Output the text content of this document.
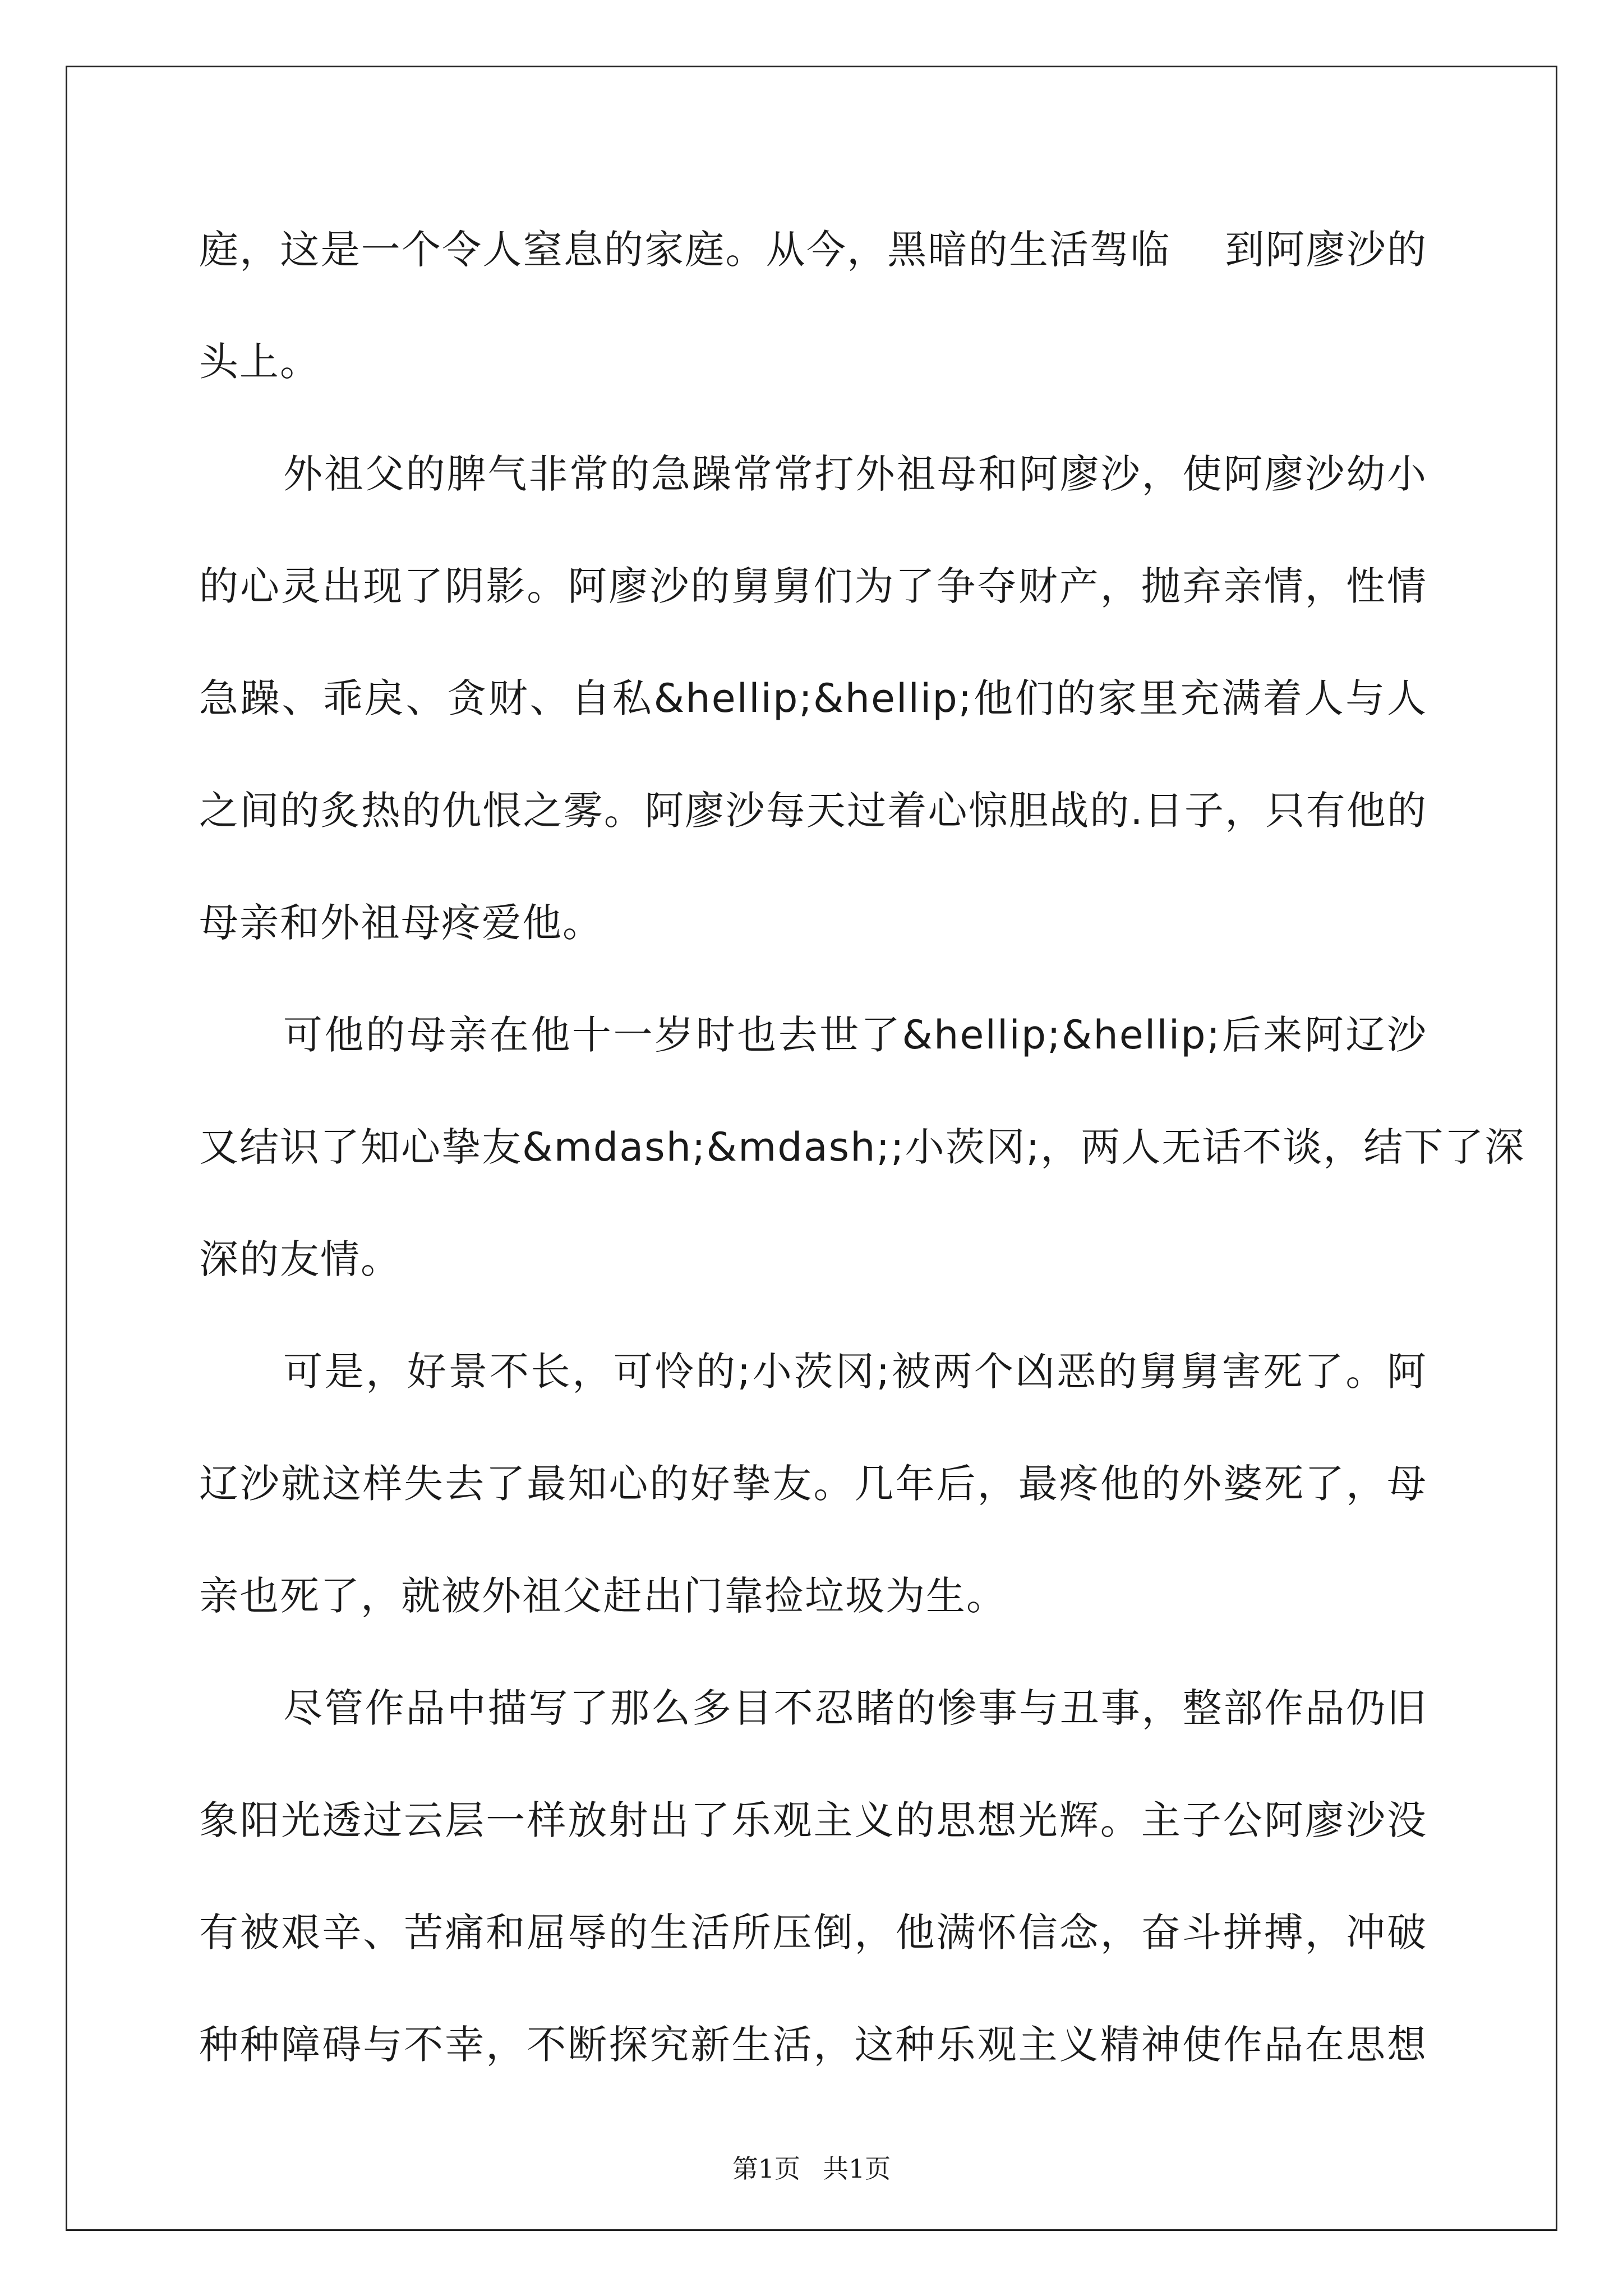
庭，这是一个令人窒息的家庭。从今，黑暗的生活驾临　 到阿廖沙的
头上。
外祖父的脾气非常的急躁常常打外祖母和阿廖沙，使阿廖沙幼小
的心灵出现了阴影。阿廖沙的舅舅们为了争夺财产，抛弃亲情，性情
急躁、乖戾、贪财、自私&hellip;&hellip;他们的家里充满着人与人
之间的炙热的仇恨之雾。阿廖沙每天过着心惊胆战的.日子，只有他的
母亲和外祖母疼爱他。
可他的母亲在他十一岁时也去世了&hellip;&hellip;后来阿辽沙
又结识了知心挚友&mdash;&mdash;;小茨冈;，两人无话不谈，结下了深
深的友情。
可是，好景不长，可怜的;小茨冈;被两个凶恶的舅舅害死了。阿
辽沙就这样失去了最知心的好挚友。几年后，最疼他的外婆死了，母
亲也死了，就被外祖父赶出门靠捡垃圾为生。
尽管作品中描写了那么多目不忍睹的惨事与丑事，整部作品仍旧
象阳光透过云层一样放射出了乐观主义的思想光辉。主子公阿廖沙没
有被艰辛、苦痛和屈辱的生活所压倒，他满怀信念，奋斗拼搏，冲破
种种障碍与不幸，不断探究新生活，这种乐观主义精神使作品在思想
第1页 共1页
